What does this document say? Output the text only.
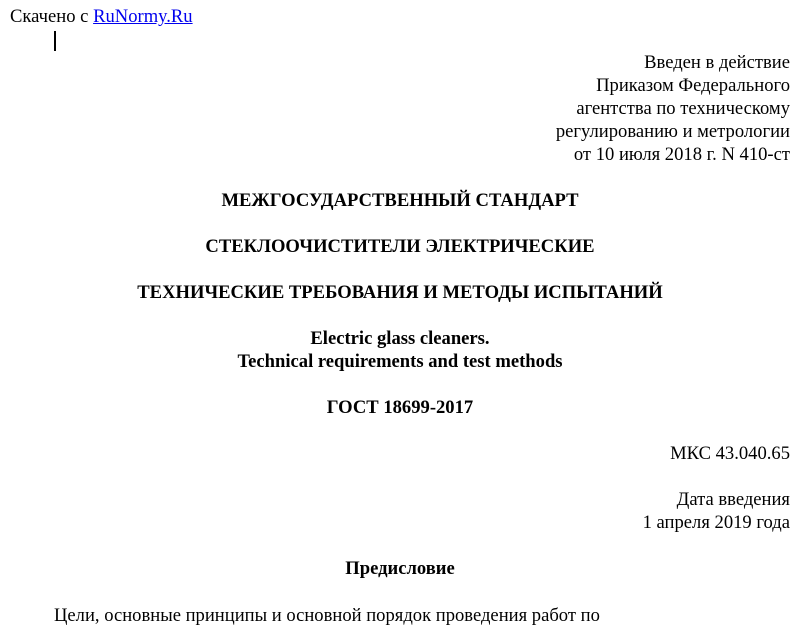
Скачено с RuNormy.Ru
Введен в действие
Приказом Федерального
агентства по техническому
регулированию и метрологии
от 10 июля 2018 г. N 410-ст
МЕЖГОСУДАРСТВЕННЫЙ СТАНДАРТ
СТЕКЛООЧИСТИТЕЛИ ЭЛЕКТРИЧЕСКИЕ
ТЕХНИЧЕСКИЕ ТРЕБОВАНИЯ И МЕТОДЫ ИСПЫТАНИЙ
Electric glass cleaners.
Technical requirements and test methods
ГОСТ 18699-2017
МКС 43.040.65
Дата введения
1 апреля 2019 года
Предисловие
Цели, основные принципы и основной порядок проведения работ по
